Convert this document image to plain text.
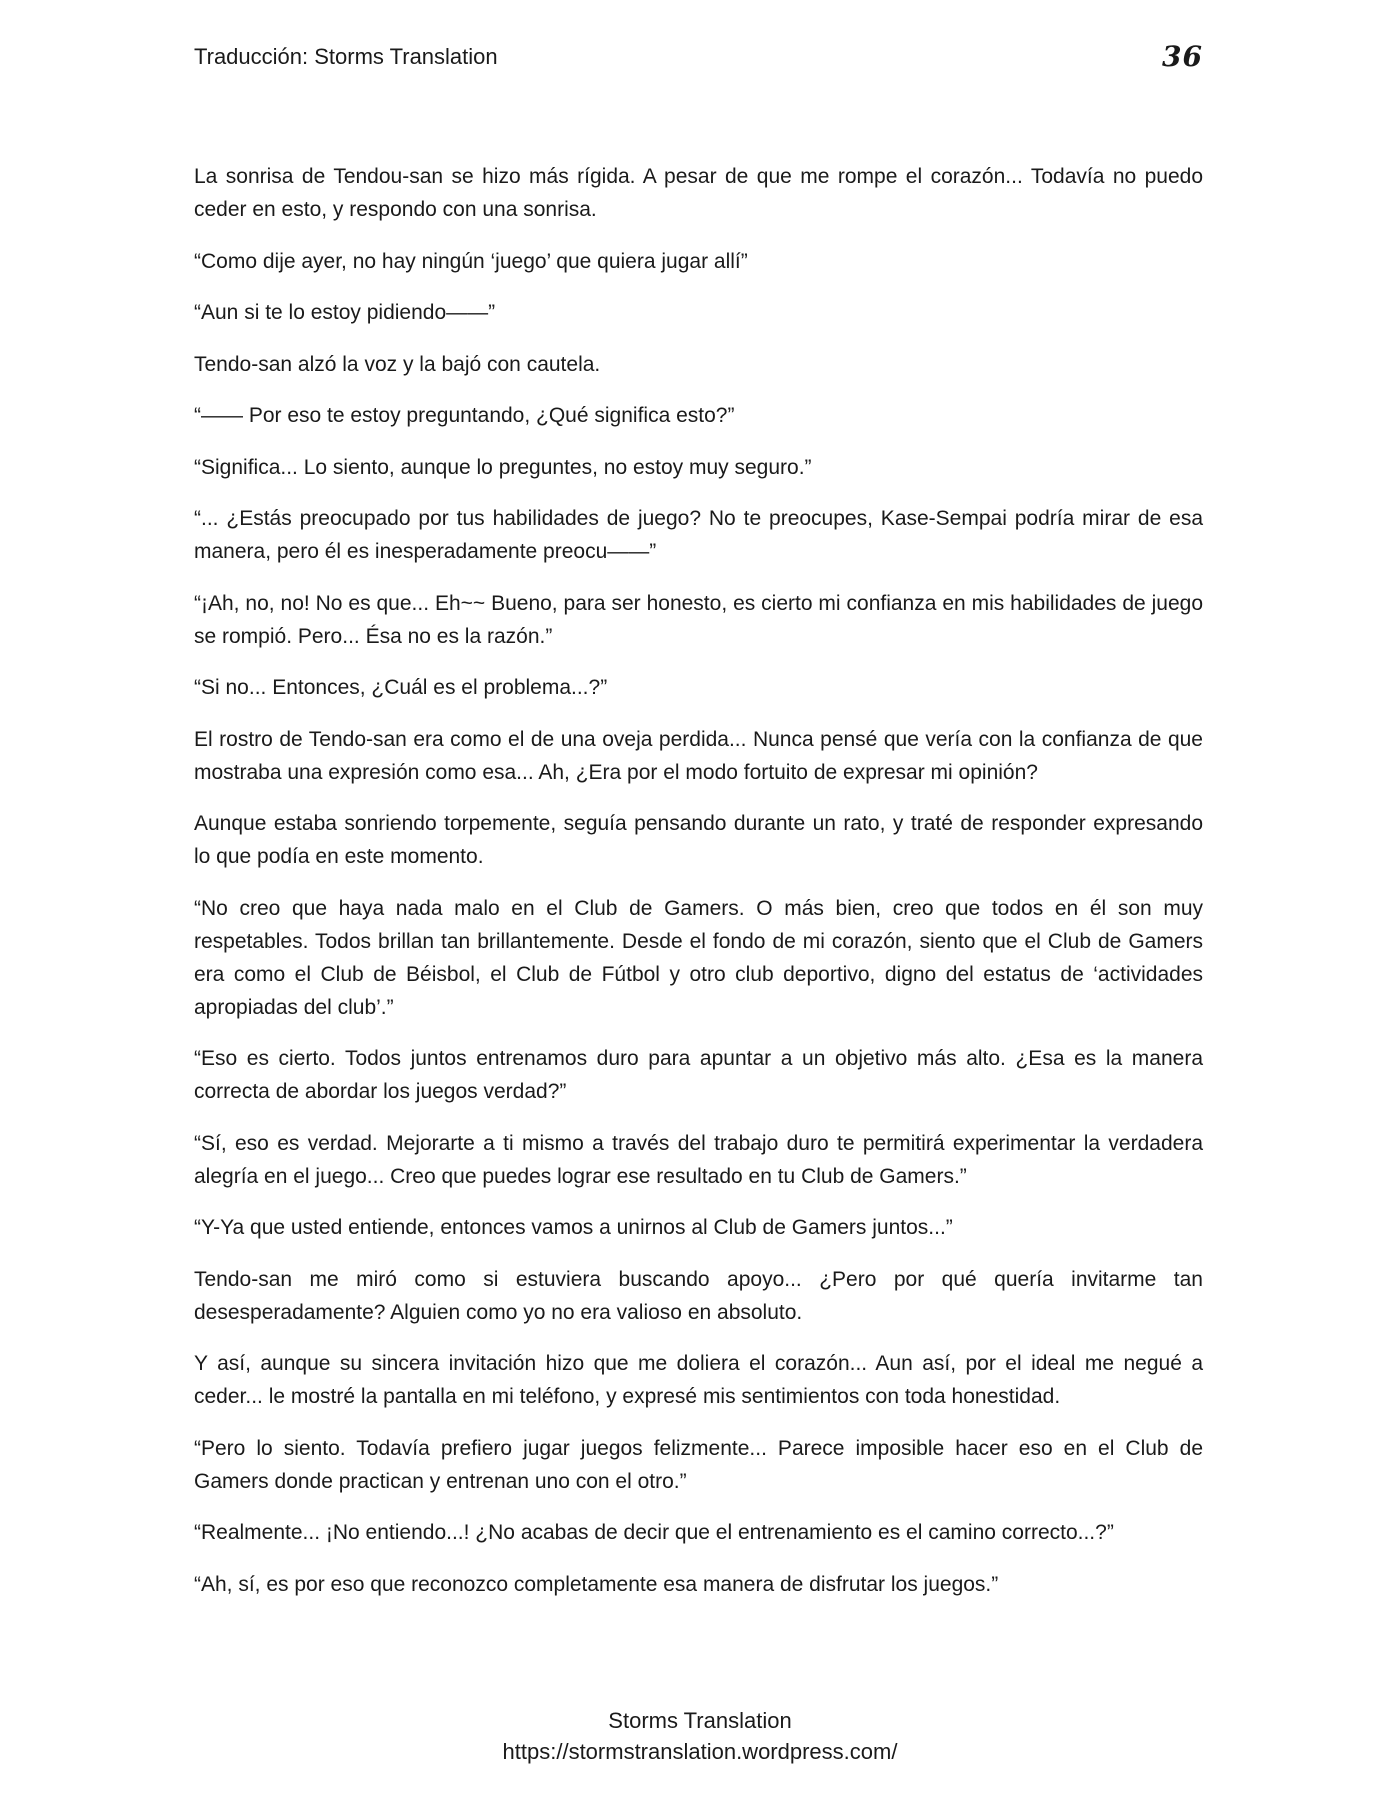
Traducción: Storms Translation	36

La sonrisa de Tendou-san se hizo más rígida. A pesar de que me rompe el corazón... Todavía no puedo ceder en esto, y respondo con una sonrisa.

“Como dije ayer, no hay ningún ‘juego’ que quiera jugar allí”

“Aun si te lo estoy pidiendo——”

Tendo-san alzó la voz y la bajó con cautela.

“—— Por eso te estoy preguntando, ¿Qué significa esto?”

“Significa... Lo siento, aunque lo preguntes, no estoy muy seguro.”

“... ¿Estás preocupado por tus habilidades de juego? No te preocupes, Kase-Sempai podría mirar de esa manera, pero él es inesperadamente preocu——”

“¡Ah, no, no! No es que... Eh~~ Bueno, para ser honesto, es cierto mi confianza en mis habilidades de juego se rompió. Pero... Ésa no es la razón.”

“Si no... Entonces, ¿Cuál es el problema...?”

El rostro de Tendo-san era como el de una oveja perdida... Nunca pensé que vería con la confianza de que mostraba una expresión como esa... Ah, ¿Era por el modo fortuito de expresar mi opinión?

Aunque estaba sonriendo torpemente, seguía pensando durante un rato, y traté de responder expresando lo que podía en este momento.

“No creo que haya nada malo en el Club de Gamers. O más bien, creo que todos en él son muy respetables. Todos brillan tan brillantemente. Desde el fondo de mi corazón, siento que el Club de Gamers era como el Club de Béisbol, el Club de Fútbol y otro club deportivo, digno del estatus de ‘actividades apropiadas del club’.”

“Eso es cierto. Todos juntos entrenamos duro para apuntar a un objetivo más alto. ¿Esa es la manera correcta de abordar los juegos verdad?”

“Sí, eso es verdad. Mejorarte a ti mismo a través del trabajo duro te permitirá experimentar la verdadera alegría en el juego... Creo que puedes lograr ese resultado en tu Club de Gamers.”

“Y-Ya que usted entiende, entonces vamos a unirnos al Club de Gamers juntos...”

Tendo-san me miró como si estuviera buscando apoyo... ¿Pero por qué quería invitarme tan desesperadamente? Alguien como yo no era valioso en absoluto.

Y así, aunque su sincera invitación hizo que me doliera el corazón... Aun así, por el ideal me negué a ceder... le mostré la pantalla en mi teléfono, y expresé mis sentimientos con toda honestidad.

“Pero lo siento. Todavía prefiero jugar juegos felizmente... Parece imposible hacer eso en el Club de Gamers donde practican y entrenan uno con el otro.”

“Realmente... ¡No entiendo...! ¿No acabas de decir que el entrenamiento es el camino correcto...?”

“Ah, sí, es por eso que reconozco completamente esa manera de disfrutar los juegos.”

Storms Translation
https://stormstranslation.wordpress.com/
